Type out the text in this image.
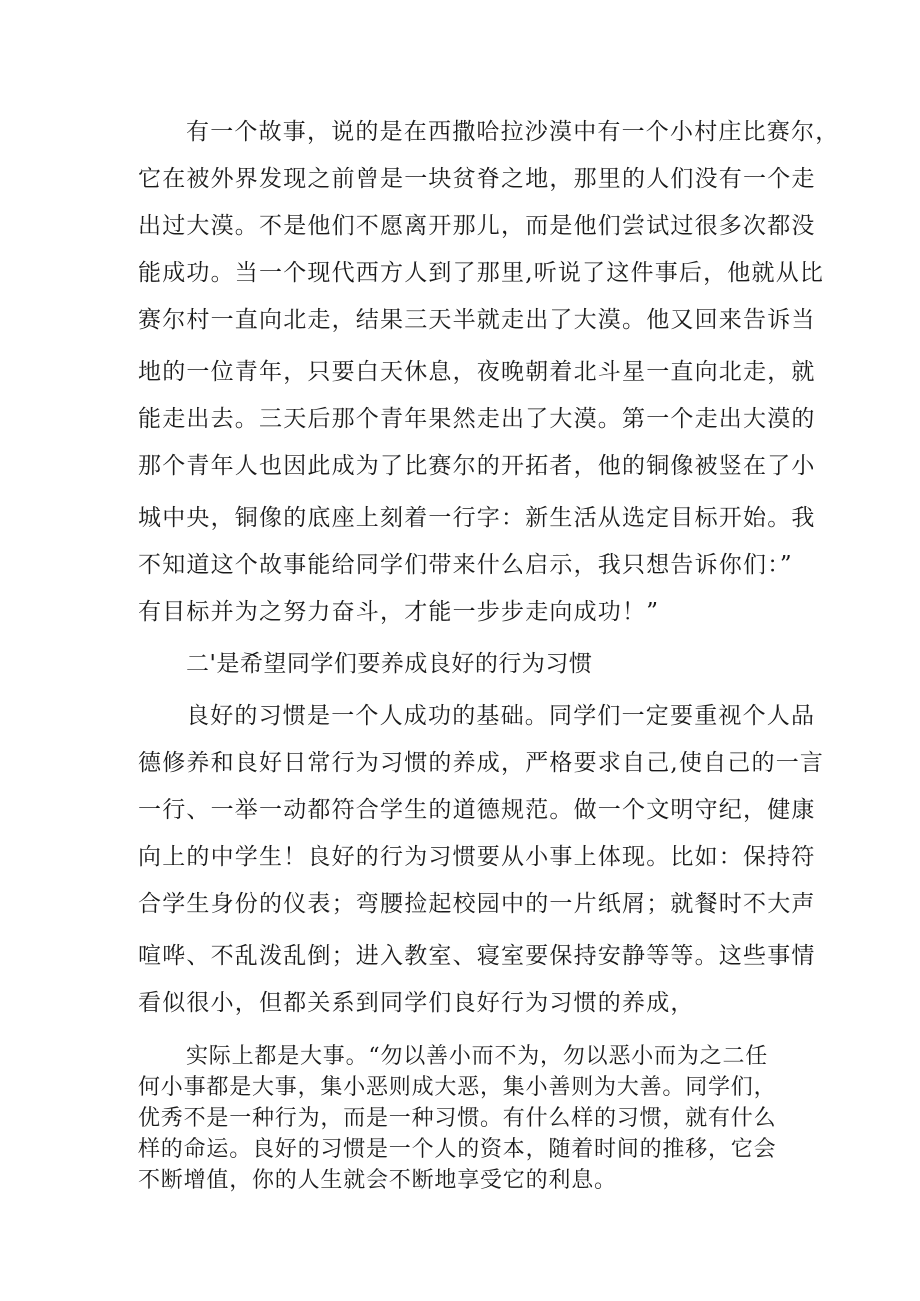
有一个故事，说的是在西撒哈拉沙漠中有一个小村庄比赛尔，
它在被外界发现之前曾是一块贫脊之地，那里的人们没有一个走
出过大漠。不是他们不愿离开那儿，而是他们尝试过很多次都没
能成功。当一个现代西方人到了那里,听说了这件事后，他就从比
赛尔村一直向北走，结果三天半就走出了大漠。他又回来告诉当
地的一位青年，只要白天休息，夜晚朝着北斗星一直向北走，就
能走出去。三天后那个青年果然走出了大漠。第一个走出大漠的
那个青年人也因此成为了比赛尔的开拓者，他的铜像被竖在了小
城中央，铜像的底座上刻着一行字：新生活从选定目标开始。我
不知道这个故事能给同学们带来什么启示，我只想告诉你们：”
有目标并为之努力奋斗，才能一步步走向成功！”
二'是希望同学们要养成良好的行为习惯
良好的习惯是一个人成功的基础。同学们一定要重视个人品
德修养和良好日常行为习惯的养成，严格要求自己,使自己的一言
一行、一举一动都符合学生的道德规范。做一个文明守纪，健康
向上的中学生！良好的行为习惯要从小事上体现。比如：保持符
合学生身份的仪表；弯腰捡起校园中的一片纸屑；就餐时不大声
喧哗、不乱泼乱倒；进入教室、寝室要保持安静等等。这些事情
看似很小，但都关系到同学们良好行为习惯的养成，
实际上都是大事。“勿以善小而不为，勿以恶小而为之二任
何小事都是大事，集小恶则成大恶，集小善则为大善。同学们，
优秀不是一种行为，而是一种习惯。有什么样的习惯，就有什么
样的命运。良好的习惯是一个人的资本，随着时间的推移，它会
不断增值，你的人生就会不断地享受它的利息。
